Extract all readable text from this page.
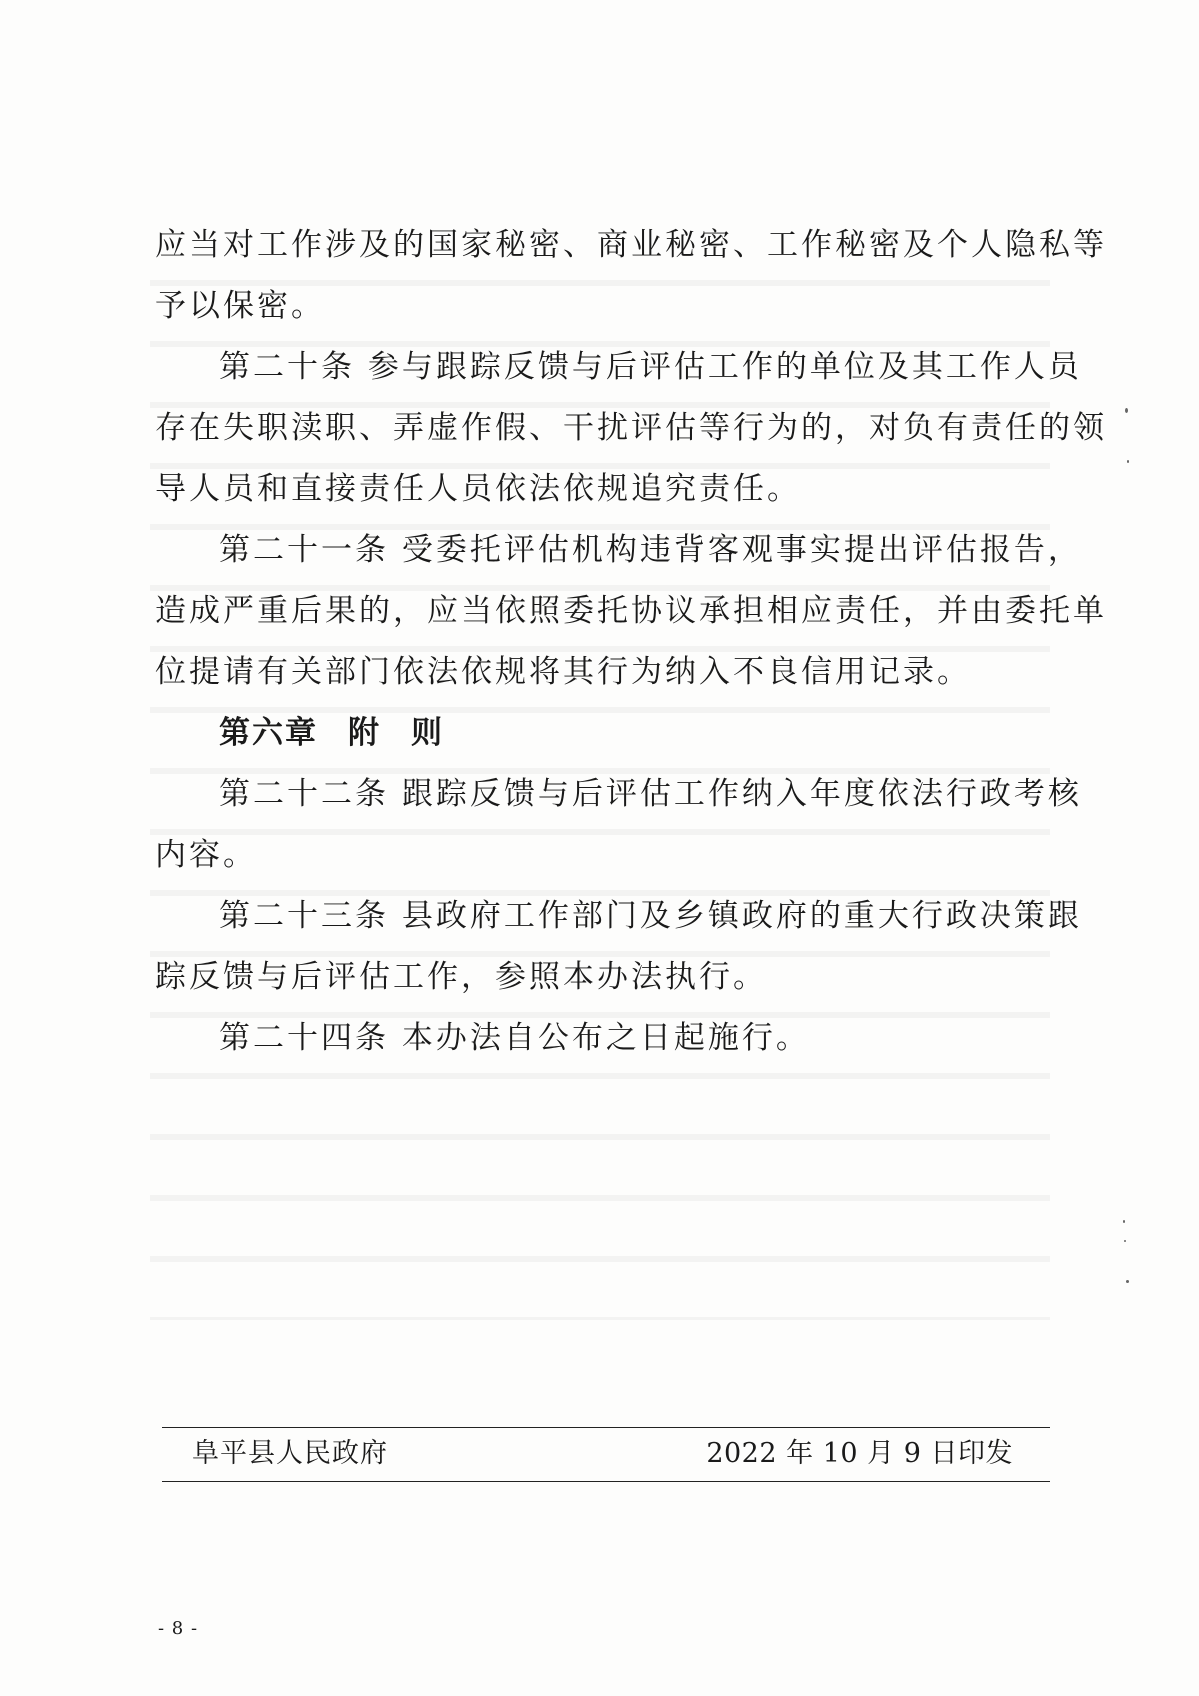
应当对工作涉及的国家秘密、商业秘密、工作秘密及个人隐私等
予以保密。
第二十条 参与跟踪反馈与后评估工作的单位及其工作人员
存在失职渎职、弄虚作假、干扰评估等行为的，对负有责任的领
导人员和直接责任人员依法依规追究责任。
第二十一条 受委托评估机构违背客观事实提出评估报告，
造成严重后果的，应当依照委托协议承担相应责任，并由委托单
位提请有关部门依法依规将其行为纳入不良信用记录。
第六章 附 则
第二十二条 跟踪反馈与后评估工作纳入年度依法行政考核
内容。
第二十三条 县政府工作部门及乡镇政府的重大行政决策跟
踪反馈与后评估工作，参照本办法执行。
第二十四条 本办法自公布之日起施行。
阜平县人民政府	2022 年 10 月 9 日印发
- 8 -
